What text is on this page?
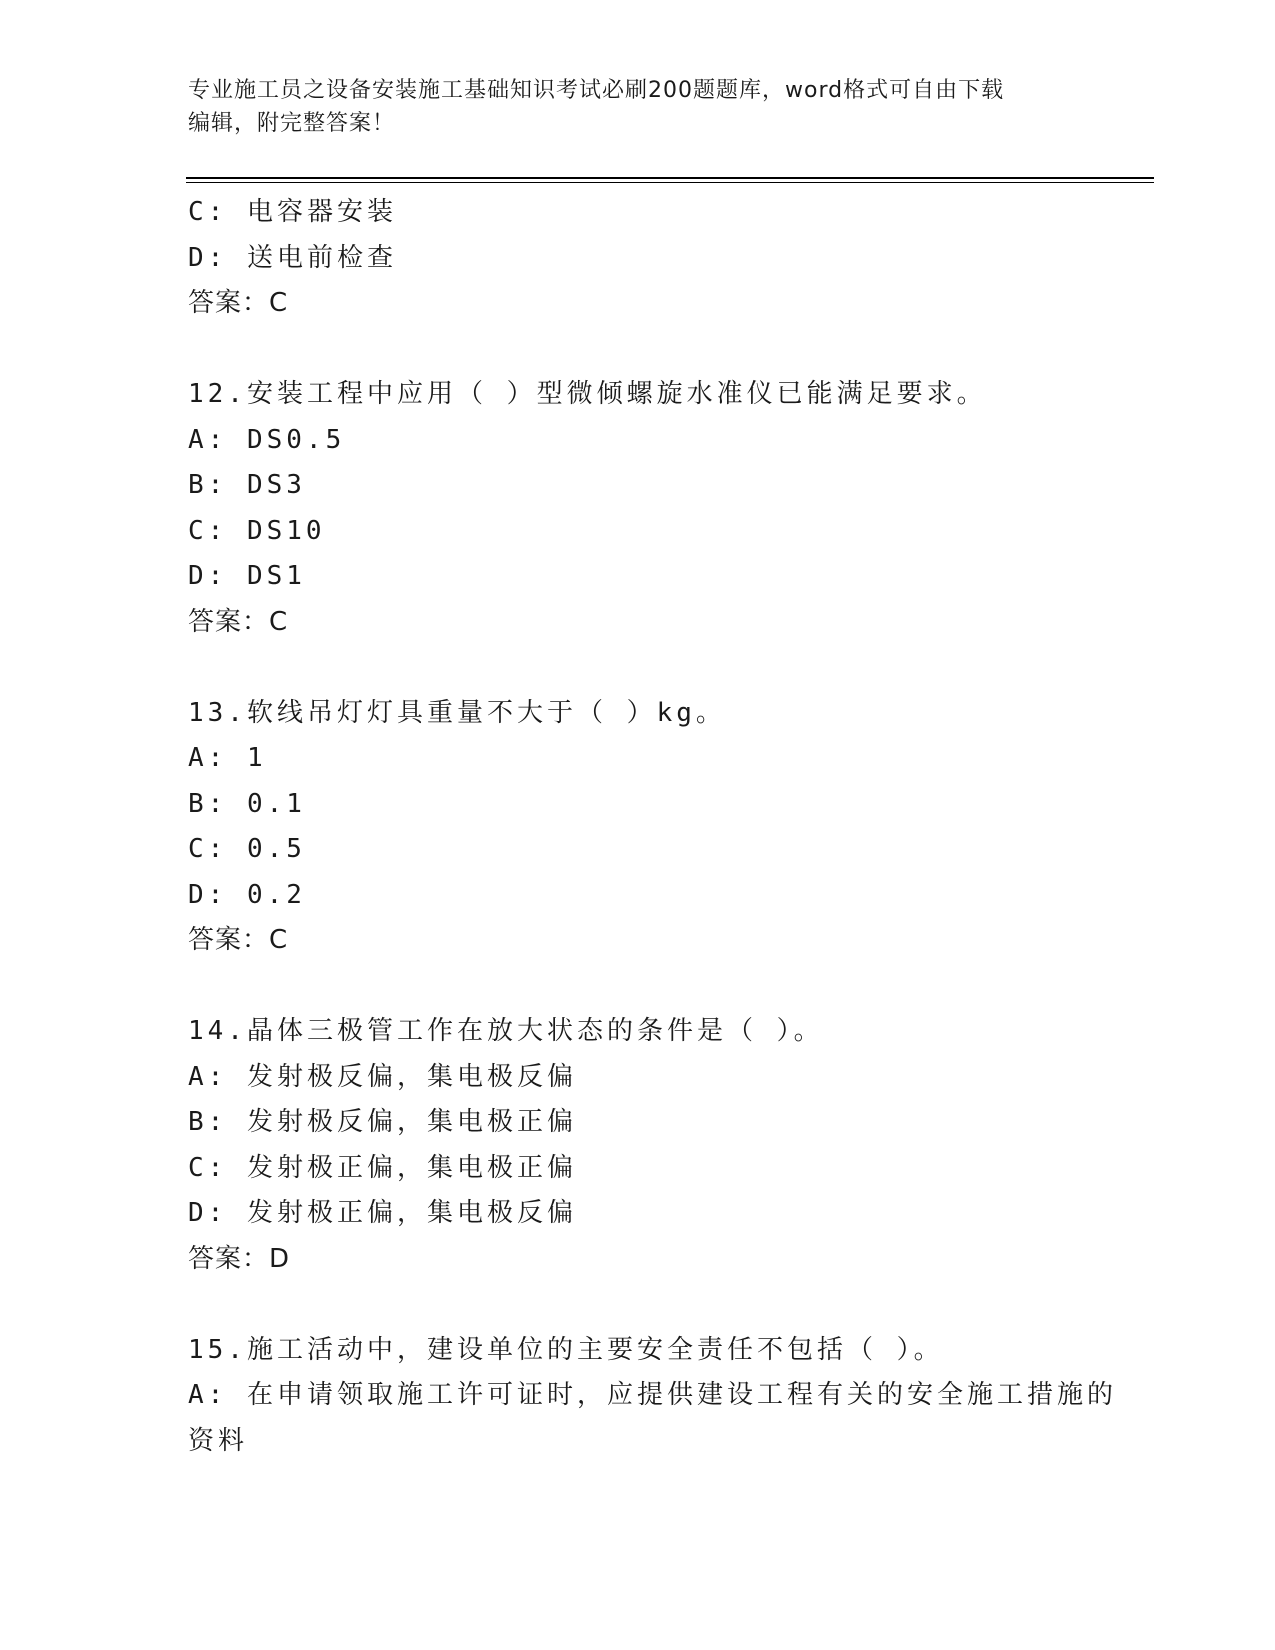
专业施工员之设备安装施工基础知识考试必刷200题题库，word格式可自由下载
编辑，附完整答案！
C: 电容器安装
D: 送电前检查
答案：C
12.安装工程中应用（ ）型微倾螺旋水准仪已能满足要求。
A: DS0.5
B: DS3
C: DS10
D: DS1
答案：C
13.软线吊灯灯具重量不大于（ ）kg。
A: 1
B: 0.1
C: 0.5
D: 0.2
答案：C
14.晶体三极管工作在放大状态的条件是（ ）。
A: 发射极反偏，集电极反偏
B: 发射极反偏，集电极正偏
C: 发射极正偏，集电极正偏
D: 发射极正偏，集电极反偏
答案：D
15.施工活动中，建设单位的主要安全责任不包括（ ）。
A: 在申请领取施工许可证时，应提供建设工程有关的安全施工措施的
资料
